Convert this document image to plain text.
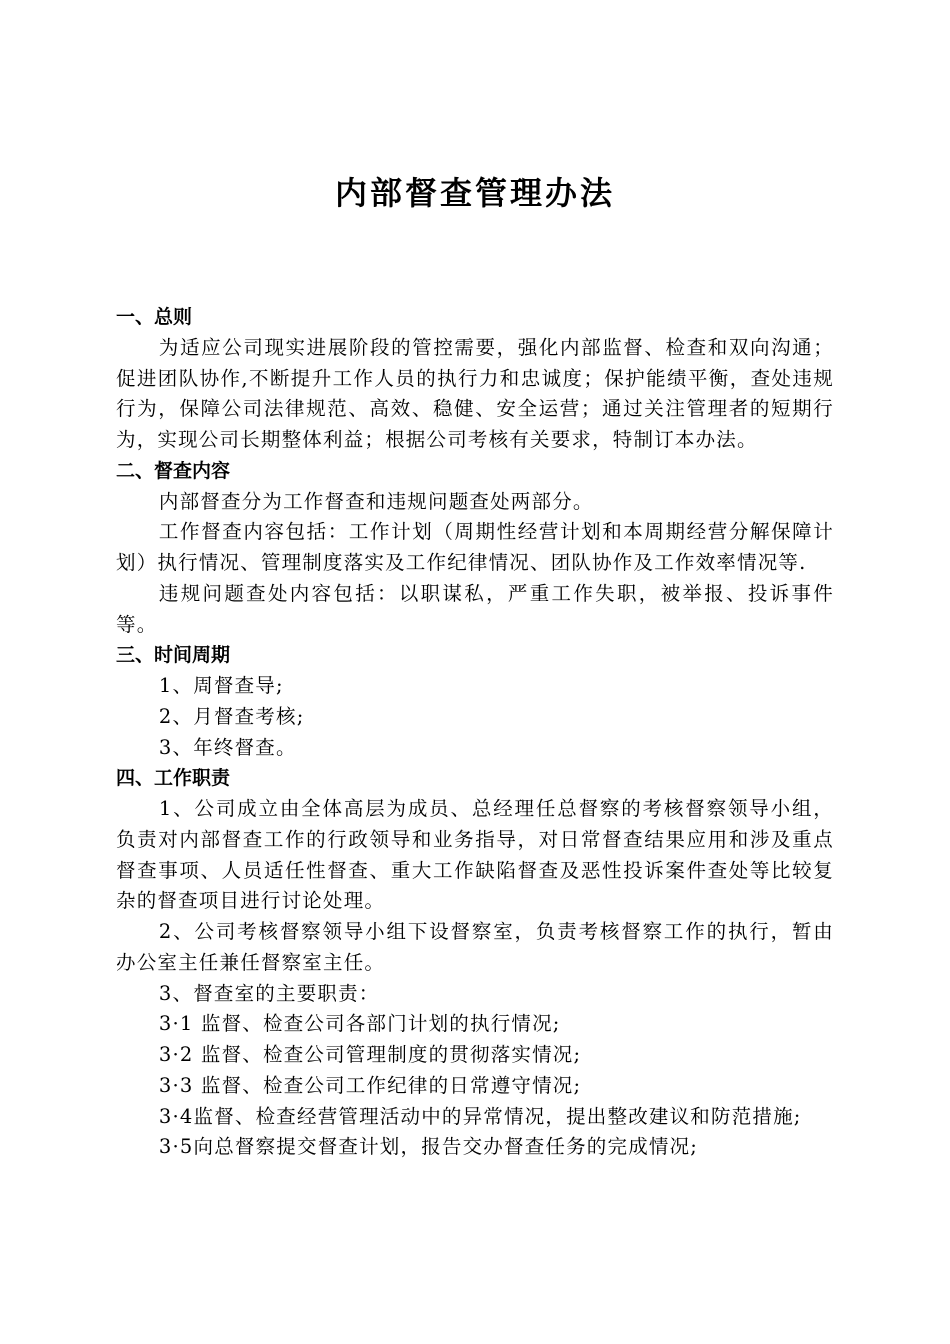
内部督查管理办法
一、总则
为适应公司现实进展阶段的管控需要，强化内部监督、检查和双向沟通；促进团队协作,不断提升工作人员的执行力和忠诚度；保护能绩平衡，查处违规行为，保障公司法律规范、高效、稳健、安全运营；通过关注管理者的短期行为，实现公司长期整体利益；根据公司考核有关要求，特制订本办法。
二、督查内容
内部督查分为工作督查和违规问题查处两部分。
工作督查内容包括：工作计划（周期性经营计划和本周期经营分解保障计划）执行情况、管理制度落实及工作纪律情况、团队协作及工作效率情况等.
违规问题查处内容包括：以职谋私，严重工作失职，被举报、投诉事件等。
三、时间周期
1、周督查导;
2、月督查考核;
3、年终督查。
四、工作职责
1、公司成立由全体高层为成员、总经理任总督察的考核督察领导小组，负责对内部督查工作的行政领导和业务指导，对日常督查结果应用和涉及重点督查事项、人员适任性督查、重大工作缺陷督查及恶性投诉案件查处等比较复杂的督查项目进行讨论处理。
2、公司考核督察领导小组下设督察室，负责考核督察工作的执行，暂由办公室主任兼任督察室主任。
3、督查室的主要职责：
3·1 监督、检查公司各部门计划的执行情况;
3·2 监督、检查公司管理制度的贯彻落实情况;
3·3 监督、检查公司工作纪律的日常遵守情况;
3·4监督、检查经营管理活动中的异常情况，提出整改建议和防范措施;
3·5向总督察提交督查计划，报告交办督查任务的完成情况;
